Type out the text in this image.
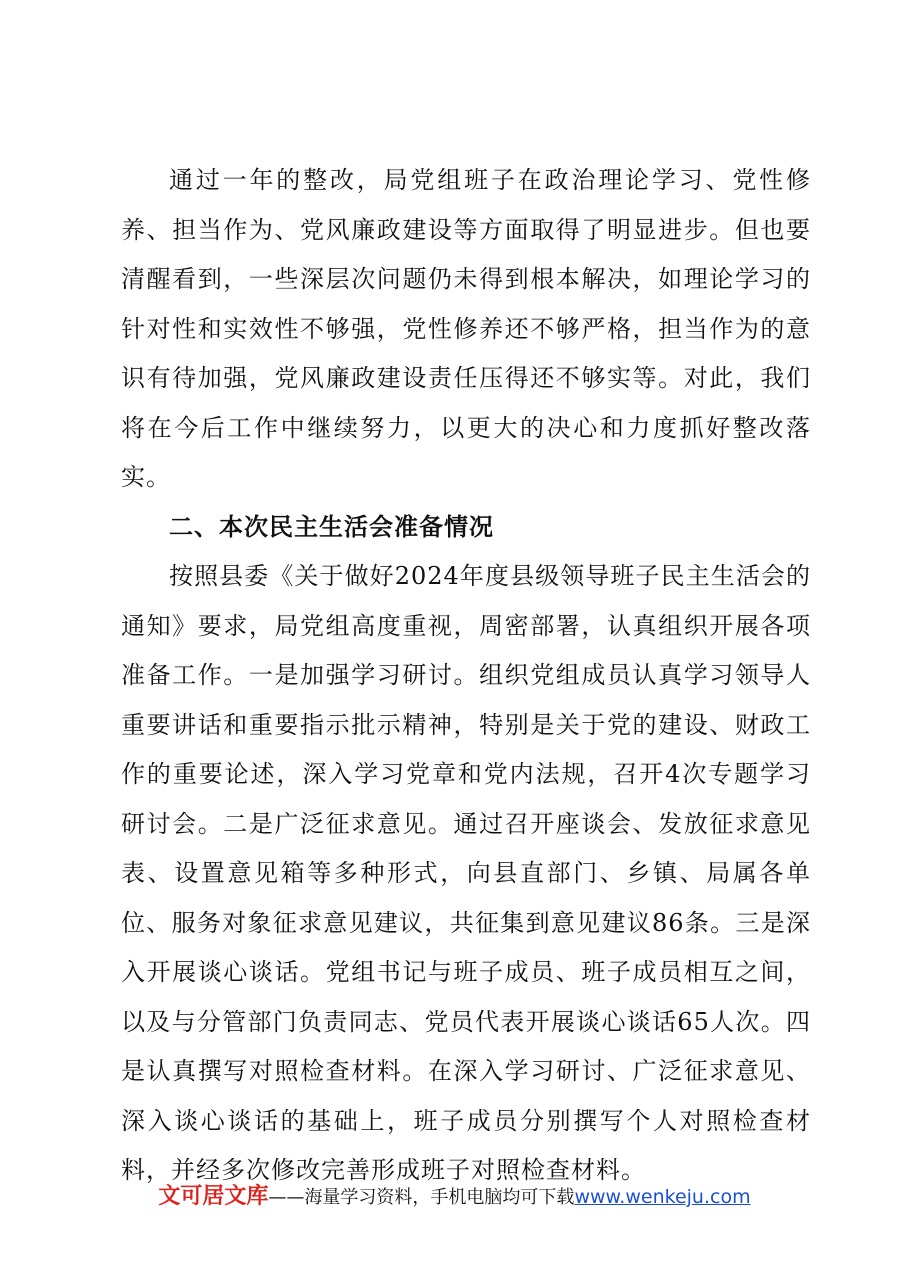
通过一年的整改，局党组班子在政治理论学习、党性修养、担当作为、党风廉政建设等方面取得了明显进步。但也要清醒看到，一些深层次问题仍未得到根本解决，如理论学习的针对性和实效性不够强，党性修养还不够严格，担当作为的意识有待加强，党风廉政建设责任压得还不够实等。对此，我们将在今后工作中继续努力，以更大的决心和力度抓好整改落实。

二、本次民主生活会准备情况

按照县委《关于做好2024年度县级领导班子民主生活会的通知》要求，局党组高度重视，周密部署，认真组织开展各项准备工作。一是加强学习研讨。组织党组成员认真学习领导人重要讲话和重要指示批示精神，特别是关于党的建设、财政工作的重要论述，深入学习党章和党内法规，召开4次专题学习研讨会。二是广泛征求意见。通过召开座谈会、发放征求意见表、设置意见箱等多种形式，向县直部门、乡镇、局属各单位、服务对象征求意见建议，共征集到意见建议86条。三是深入开展谈心谈话。党组书记与班子成员、班子成员相互之间，以及与分管部门负责同志、党员代表开展谈心谈话65人次。四是认真撰写对照检查材料。在深入学习研讨、广泛征求意见、深入谈心谈话的基础上，班子成员分别撰写个人对照检查材料，并经多次修改完善形成班子对照检查材料。

文可居文库——海量学习资料，手机电脑均可下载www.wenkeju.com
